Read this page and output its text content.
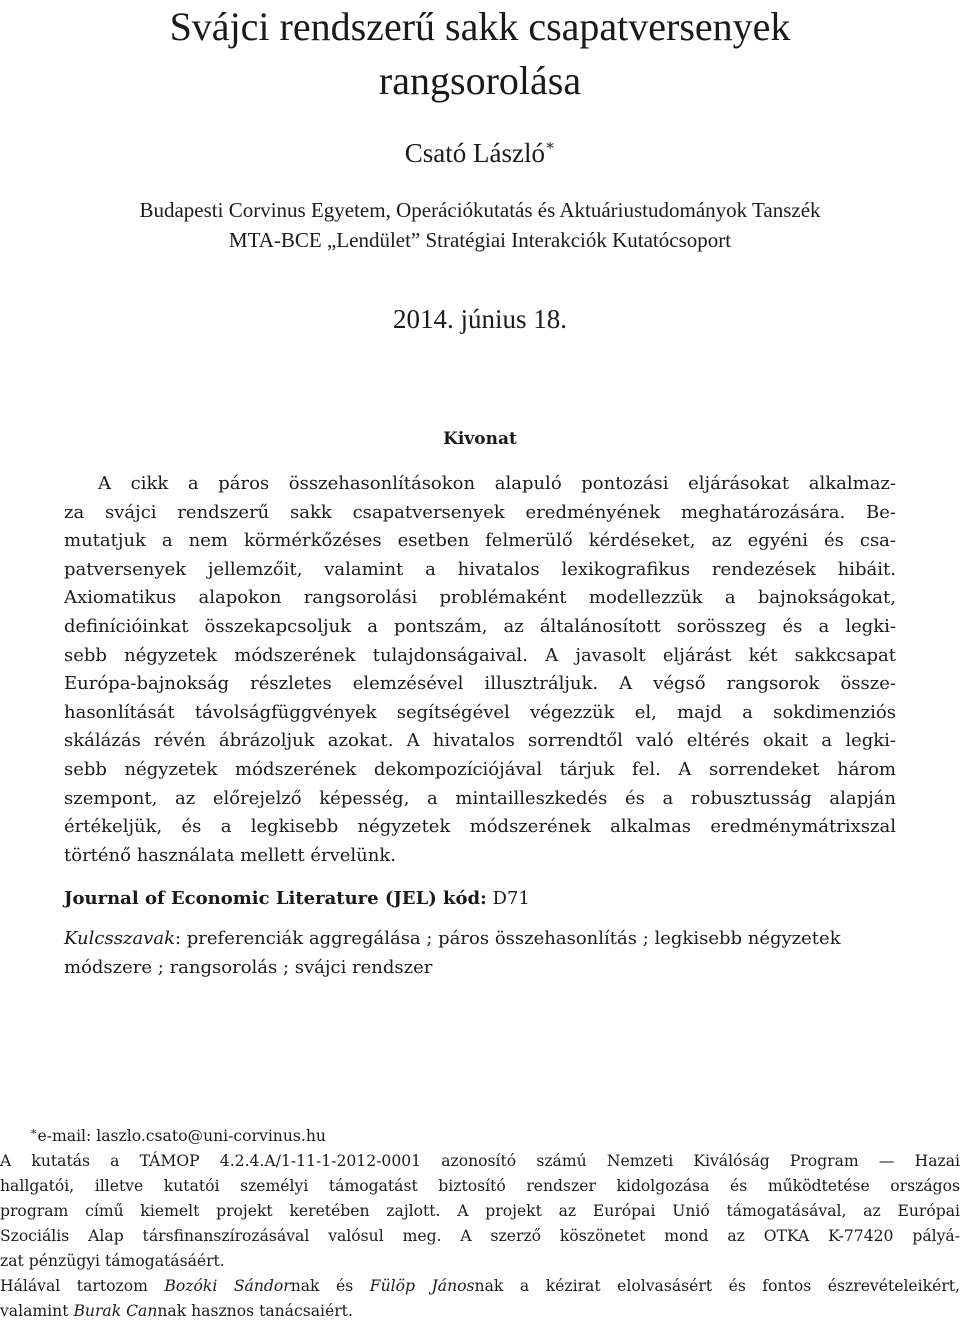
Svájci rendszerű sakk csapatversenyek
rangsorolása
Csató László∗
Budapesti Corvinus Egyetem, Operációkutatás és Aktuáriustudományok Tanszék
MTA-BCE „Lendület” Stratégiai Interakciók Kutatócsoport
2014. június 18.
Kivonat
A cikk a páros összehasonlításokon alapuló pontozási eljárásokat alkalmaz-
za svájci rendszerű sakk csapatversenyek eredményének meghatározására. Be-
mutatjuk a nem körmérkőzéses esetben felmerülő kérdéseket, az egyéni és csa-
patversenyek jellemzőit, valamint a hivatalos lexikografikus rendezések hibáit.
Axiomatikus alapokon rangsorolási problémaként modellezzük a bajnokságokat,
definícióinkat összekapcsoljuk a pontszám, az általánosított sorösszeg és a legki-
sebb négyzetek módszerének tulajdonságaival. A javasolt eljárást két sakkcsapat
Európa-bajnokság részletes elemzésével illusztráljuk. A végső rangsorok össze-
hasonlítását távolságfüggvények segítségével végezzük el, majd a sokdimenziós
skálázás révén ábrázoljuk azokat. A hivatalos sorrendtől való eltérés okait a legki-
sebb négyzetek módszerének dekompozíciójával tárjuk fel. A sorrendeket három
szempont, az előrejelző képesség, a mintailleszkedés és a robusztusság alapján
értékeljük, és a legkisebb négyzetek módszerének alkalmas eredménymátrixszal
történő használata mellett érvelünk.
Journal of Economic Literature (JEL) kód: D71
Kulcsszavak: preferenciák aggregálása ; páros összehasonlítás ; legkisebb négyzetek
módszere ; rangsorolás ; svájci rendszer
∗e-mail: laszlo.csato@uni-corvinus.hu
A kutatás a TÁMOP 4.2.4.A/1-11-1-2012-0001 azonosító számú Nemzeti Kiválóság Program — Hazai
hallgatói, illetve kutatói személyi támogatást biztosító rendszer kidolgozása és működtetése országos
program című kiemelt projekt keretében zajlott. A projekt az Európai Unió támogatásával, az Európai
Szociális Alap társfinanszírozásával valósul meg. A szerző köszönetet mond az OTKA K-77420 pályá-
zat pénzügyi támogatásáért.
Hálával tartozom Bozóki Sándornak és Fülöp Jánosnak a kézirat elolvasásért és fontos észrevételeikért,
valamint Burak Cannak hasznos tanácsaiért.
